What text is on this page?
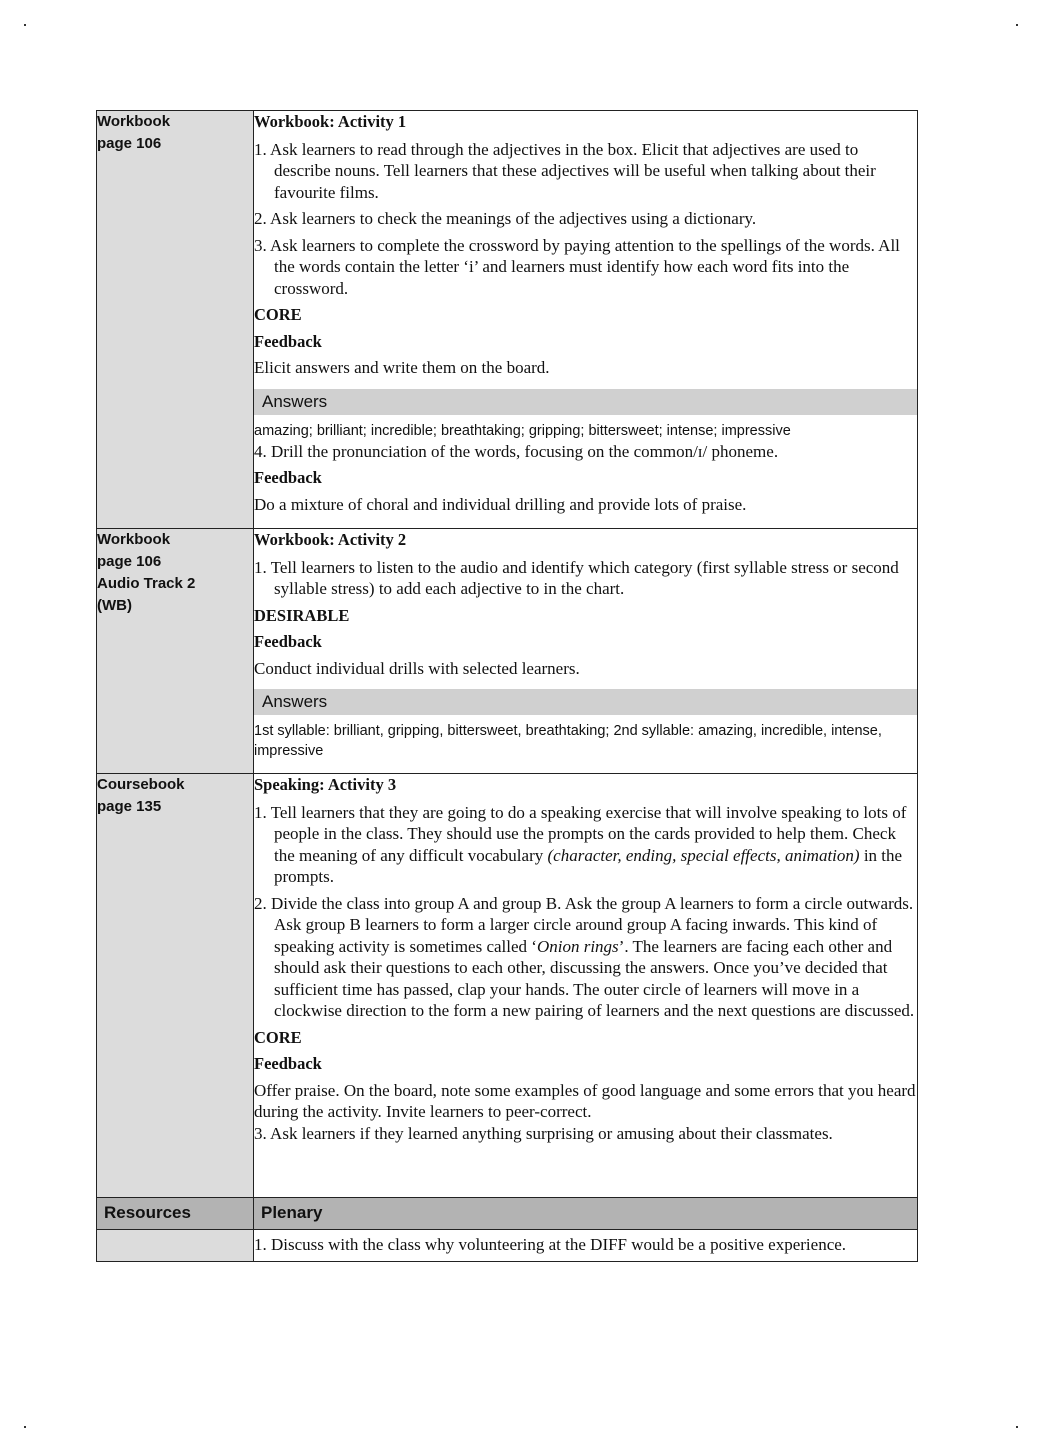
Workbook
page 106

Workbook: Activity 1
1. Ask learners to read through the adjectives in the box. Elicit that adjectives are used to describe nouns. Tell learners that these adjectives will be useful when talking about their favourite films.
2. Ask learners to check the meanings of the adjectives using a dictionary.
3. Ask learners to complete the crossword by paying attention to the spellings of the words. All the words contain the letter ‘i’ and learners must identify how each word fits into the crossword.
CORE
Feedback
Elicit answers and write them on the board.
Answers
amazing; brilliant; incredible; breathtaking; gripping; bittersweet; intense; impressive
4. Drill the pronunciation of the words, focusing on the common/ɪ/ phoneme.
Feedback
Do a mixture of choral and individual drilling and provide lots of praise.

Workbook
page 106
Audio Track 2
(WB)

Workbook: Activity 2
1. Tell learners to listen to the audio and identify which category (first syllable stress or second syllable stress) to add each adjective to in the chart.
DESIRABLE
Feedback
Conduct individual drills with selected learners.
Answers
1st syllable: brilliant, gripping, bittersweet, breathtaking; 2nd syllable: amazing, incredible, intense, impressive

Coursebook
page 135

Speaking: Activity 3
1. Tell learners that they are going to do a speaking exercise that will involve speaking to lots of people in the class. They should use the prompts on the cards provided to help them. Check the meaning of any difficult vocabulary (character, ending, special effects, animation) in the prompts.
2. Divide the class into group A and group B. Ask the group A learners to form a circle outwards. Ask group B learners to form a larger circle around group A facing inwards. This kind of speaking activity is sometimes called ‘Onion rings’. The learners are facing each other and should ask their questions to each other, discussing the answers. Once you’ve decided that sufficient time has passed, clap your hands. The outer circle of learners will move in a clockwise direction to the form a new pairing of learners and the next questions are discussed.
CORE
Feedback
Offer praise. On the board, note some examples of good language and some errors that you heard during the activity. Invite learners to peer-correct.
3. Ask learners if they learned anything surprising or amusing about their classmates.

Resources	Plenary

	1. Discuss with the class why volunteering at the DIFF would be a positive experience.
